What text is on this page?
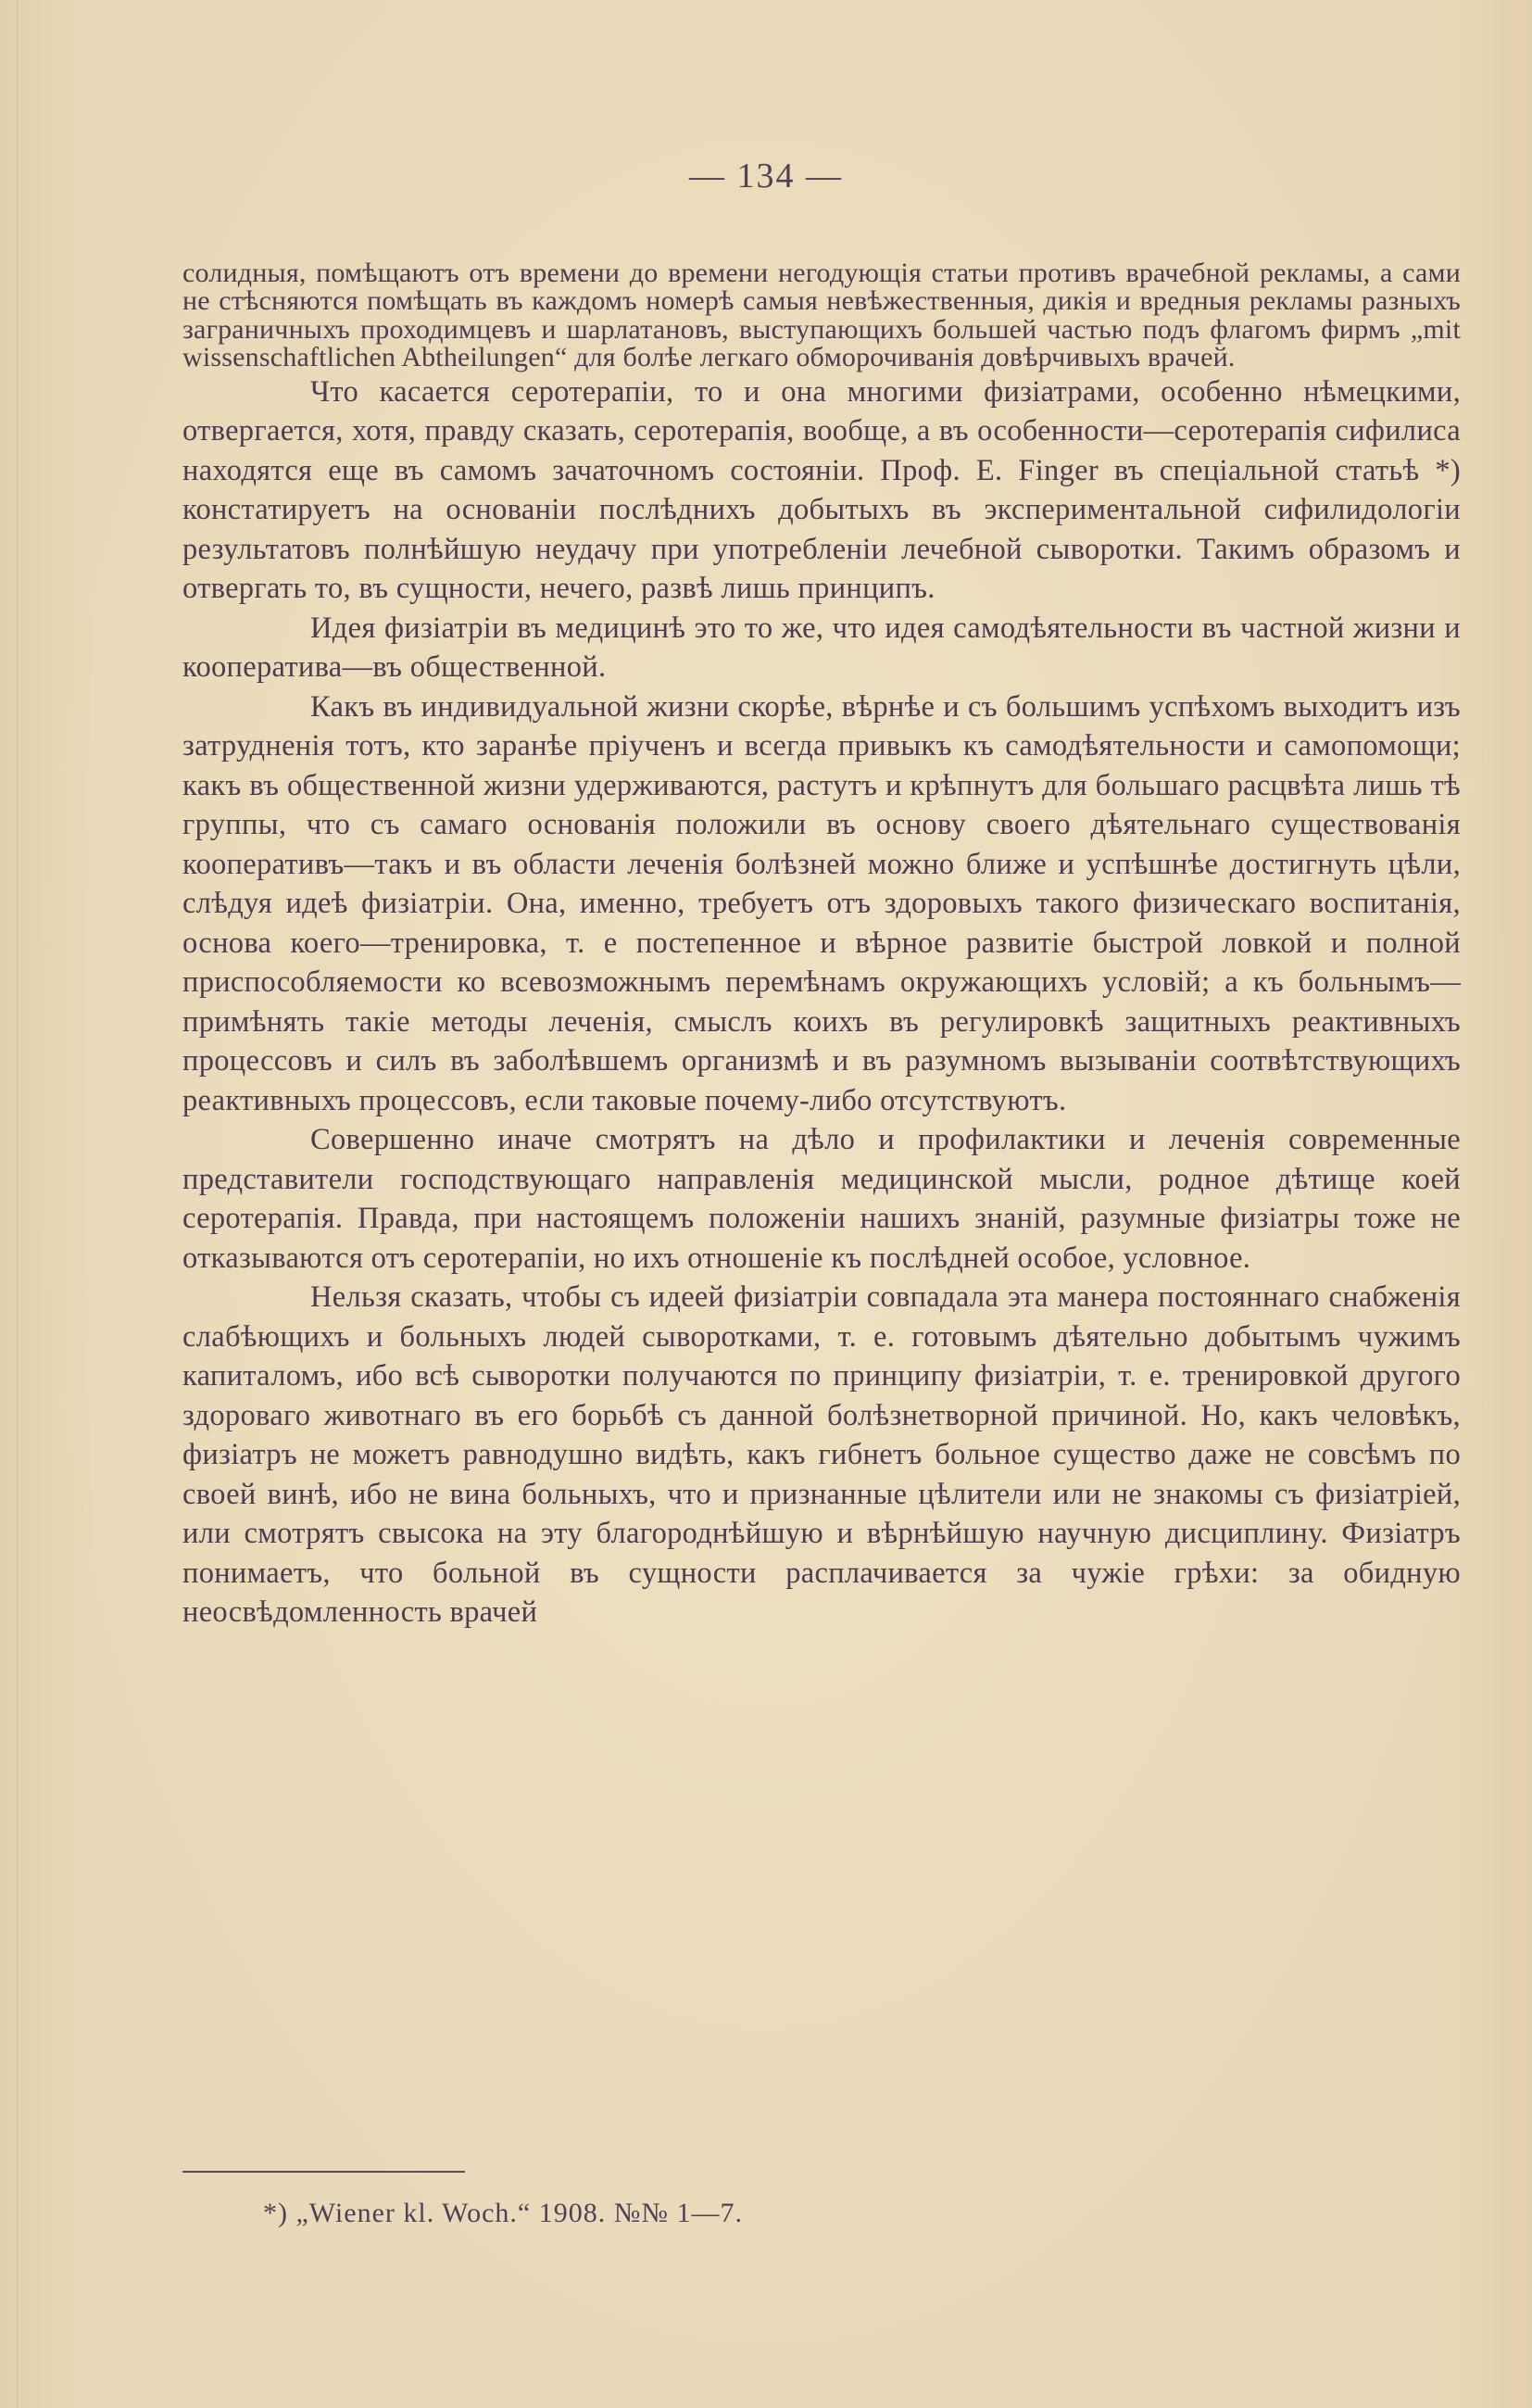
— 134 —

солидныя, помѣщаютъ отъ времени до времени негодующія статьи противъ врачебной рекламы, а сами не стѣсняются помѣщать въ каждомъ номерѣ самыя невѣжественныя, дикія и вредныя рекламы разныхъ заграничныхъ проходимцевъ и шарлатановъ, выступающихъ большей частью подъ флагомъ фирмъ „mit wissenschaftlichen Abtheilungen“ для болѣе легкаго обморочиванія довѣрчивыхъ врачей.

Что касается серотерапіи, то и она многими физіатрами, особенно нѣмецкими, отвергается, хотя, правду сказать, серотерапія, вообще, а въ особенности—серотерапія сифилиса находятся еще въ самомъ зачаточномъ состояніи. Проф. E. Finger въ спеціальной статьѣ *) констатируетъ на основаніи послѣднихъ добытыхъ въ экспериментальной сифилидологіи результатовъ полнѣйшую неудачу при употребленіи лечебной сыворотки. Такимъ образомъ и отвергать то, въ сущности, нечего, развѣ лишь принципъ.

Идея физіатріи въ медицинѣ это то же, что идея самодѣятельности въ частной жизни и кооператива—въ общественной.

Какъ въ индивидуальной жизни скорѣе, вѣрнѣе и съ большимъ успѣхомъ выходитъ изъ затрудненія тотъ, кто заранѣе пріученъ и всегда привыкъ къ самодѣятельности и самопомощи; какъ въ общественной жизни удерживаются, растутъ и крѣпнутъ для большаго расцвѣта лишь тѣ группы, что съ самаго основанія положили въ основу своего дѣятельнаго существованія кооперативъ—такъ и въ области леченія болѣзней можно ближе и успѣшнѣе достигнуть цѣли, слѣдуя идеѣ физіатріи. Она, именно, требуетъ отъ здоровыхъ такого физическаго воспитанія, основа коего—тренировка, т. е постепенное и вѣрное развитіе быстрой ловкой и полной приспособляемости ко всевозможнымъ перемѣнамъ окружающихъ условій; а къ больнымъ—примѣнять такіе методы леченія, смыслъ коихъ въ регулировкѣ защитныхъ реактивныхъ процессовъ и силъ въ заболѣвшемъ организмѣ и въ разумномъ вызываніи соотвѣтствующихъ реактивныхъ процессовъ, если таковые почему-либо отсутствуютъ.

Совершенно иначе смотрятъ на дѣло и профилактики и леченія современные представители господствующаго направленія медицинской мысли, родное дѣтище коей серотерапія. Правда, при настоящемъ положеніи нашихъ знаній, разумные физіатры тоже не отказываются отъ серотерапіи, но ихъ отношеніе къ послѣдней особое, условное.

Нельзя сказать, чтобы съ идеей физіатріи совпадала эта манера постояннаго снабженія слабѣющихъ и больныхъ людей сыворотками, т. е. готовымъ дѣятельно добытымъ чужимъ капиталомъ, ибо всѣ сыворотки получаются по принципу физіатріи, т. е. тренировкой другого здороваго животнаго въ его борьбѣ съ данной болѣзнетворной причиной. Но, какъ человѣкъ, физіатръ не можетъ равнодушно видѣть, какъ гибнетъ больное существо даже не совсѣмъ по своей винѣ, ибо не вина больныхъ, что и признанные цѣлители или не знакомы съ физіатріей, или смотрятъ свысока на эту благороднѣйшую и вѣрнѣйшую научную дисциплину. Физіатръ понимаетъ, что больной въ сущности расплачивается за чужіе грѣхи: за обидную неосвѣдомленность врачей

*) „Wiener kl. Woch.“ 1908. №№ 1—7.
